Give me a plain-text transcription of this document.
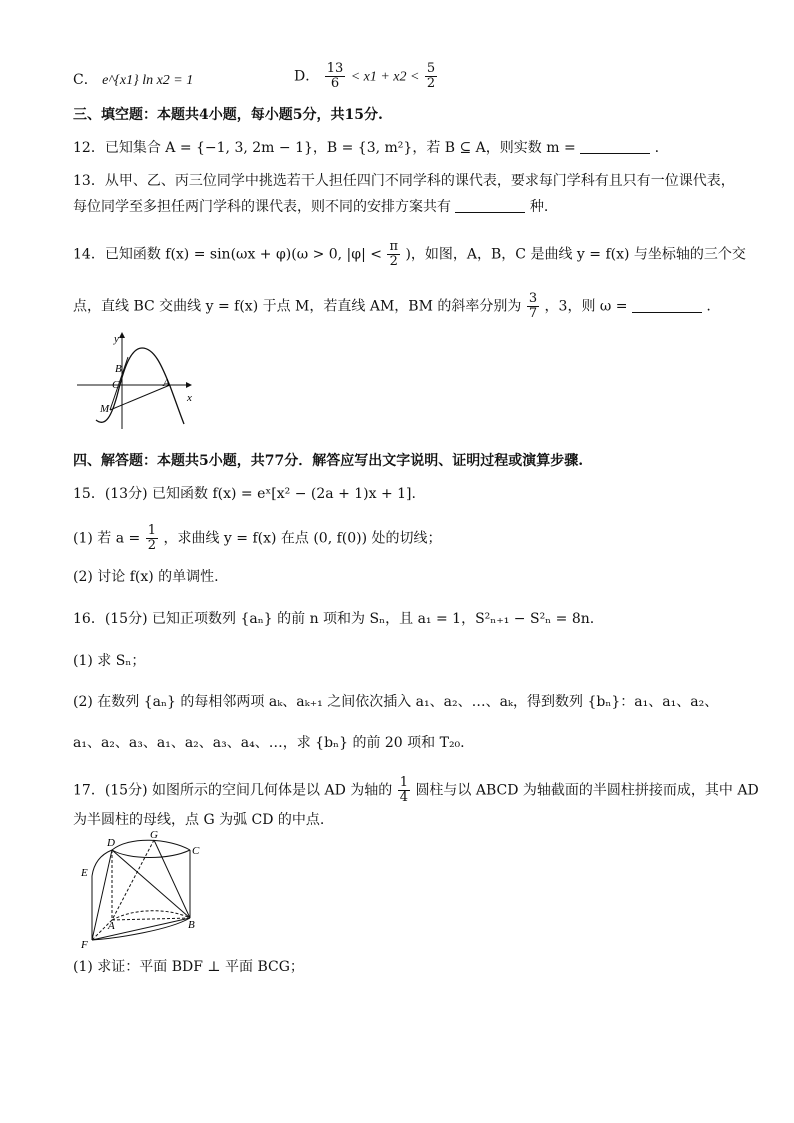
C． e^{x1} ln x2 = 1	D． $\frac{13}{6} < x1 + x2 < \frac{5}{2}$
三、填空题：本题共4小题，每小题5分，共15分.
12．已知集合 A = {−1, 3, 2m − 1}，B = {3, m²}，若 B ⊆ A，则实数 m =	.
13．从甲、乙、丙三位同学中挑选若干人担任四门不同学科的课代表，要求每门学科有且只有一位课代表，
每位同学至多担任两门学科的课代表，则不同的安排方案共有	种.
14．已知函数 f(x) = sin(ωx + φ)(ω > 0, $|\varphi| < \frac{\pi}{2}$ )，如图，A，B，C 是曲线 y = f(x) 与坐标轴的三个交
点，直线 BC 交曲线 y = f(x) 于点 M，若直线 AM，BM 的斜率分别为 $\frac{3}{7}$ ，3，则 ω =	.
y
B
C	A
M
x
四、解答题：本题共5小题，共77分．解答应写出文字说明、证明过程或演算步骤.
15．(13分) 已知函数 f(x) = eˣ[x² − (2a + 1)x + 1].
(1) 若 $a = \frac{1}{2}$ ，求曲线 y = f(x) 在点 (0, f(0)) 处的切线；
(2) 讨论 f(x) 的单调性.
16．(15分) 已知正项数列 {aₙ} 的前 n 项和为 Sₙ，且 a₁ = 1，S²ₙ₊₁ − S²ₙ = 8n.
(1) 求 Sₙ；
(2) 在数列 {aₙ} 的每相邻两项 aₖ、aₖ₊₁ 之间依次插入 a₁、a₂、…、aₖ，得到数列 {bₙ}：a₁、a₁、a₂、
a₁、a₂、a₃、a₁、a₂、a₃、a₄、…，求 {bₙ} 的前 20 项和 T₂₀.
17．(15分) 如图所示的空间几何体是以 AD 为轴的 $\frac{1}{4}$ 圆柱与以 ABCD 为轴截面的半圆柱拼接而成，其中 AD
为半圆柱的母线，点 G 为弧 CD 的中点.
D
G
C
E
A	B
F
(1) 求证：平面 BDF ⊥ 平面 BCG；
